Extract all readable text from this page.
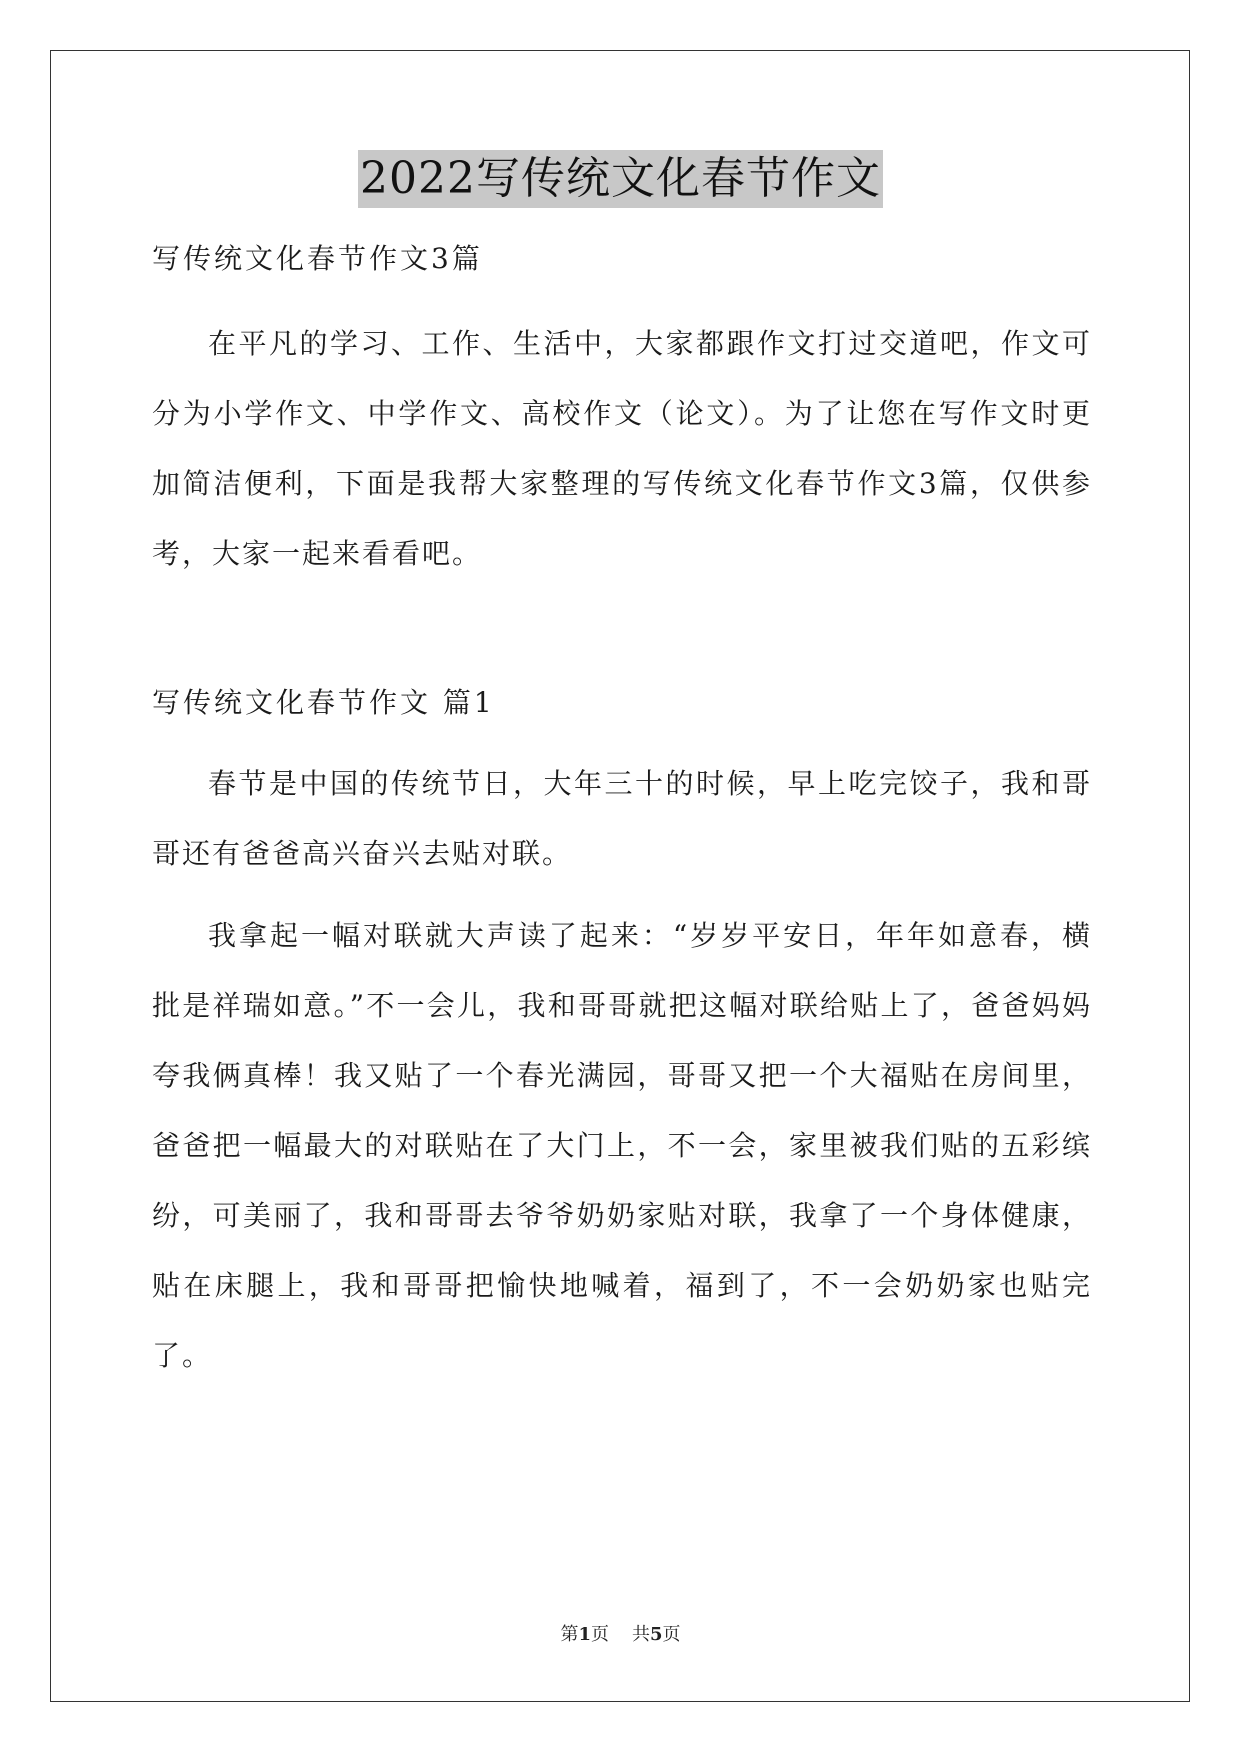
2022写传统文化春节作文

写传统文化春节作文3篇

在平凡的学习、工作、生活中，大家都跟作文打过交道吧，作文可分为小学作文、中学作文、高校作文（论文）。为了让您在写作文时更加简洁便利，下面是我帮大家整理的写传统文化春节作文3篇，仅供参考，大家一起来看看吧。

写传统文化春节作文 篇1

春节是中国的传统节日，大年三十的时候，早上吃完饺子，我和哥哥还有爸爸高兴奋兴去贴对联。

我拿起一幅对联就大声读了起来：“岁岁平安日，年年如意春，横批是祥瑞如意。”不一会儿，我和哥哥就把这幅对联给贴上了，爸爸妈妈夸我俩真棒！我又贴了一个春光满园，哥哥又把一个大福贴在房间里，爸爸把一幅最大的对联贴在了大门上，不一会，家里被我们贴的五彩缤纷，可美丽了，我和哥哥去爷爷奶奶家贴对联，我拿了一个身体健康，贴在床腿上，我和哥哥把愉快地喊着，福到了，不一会奶奶家也贴完了。

第1页 共5页
